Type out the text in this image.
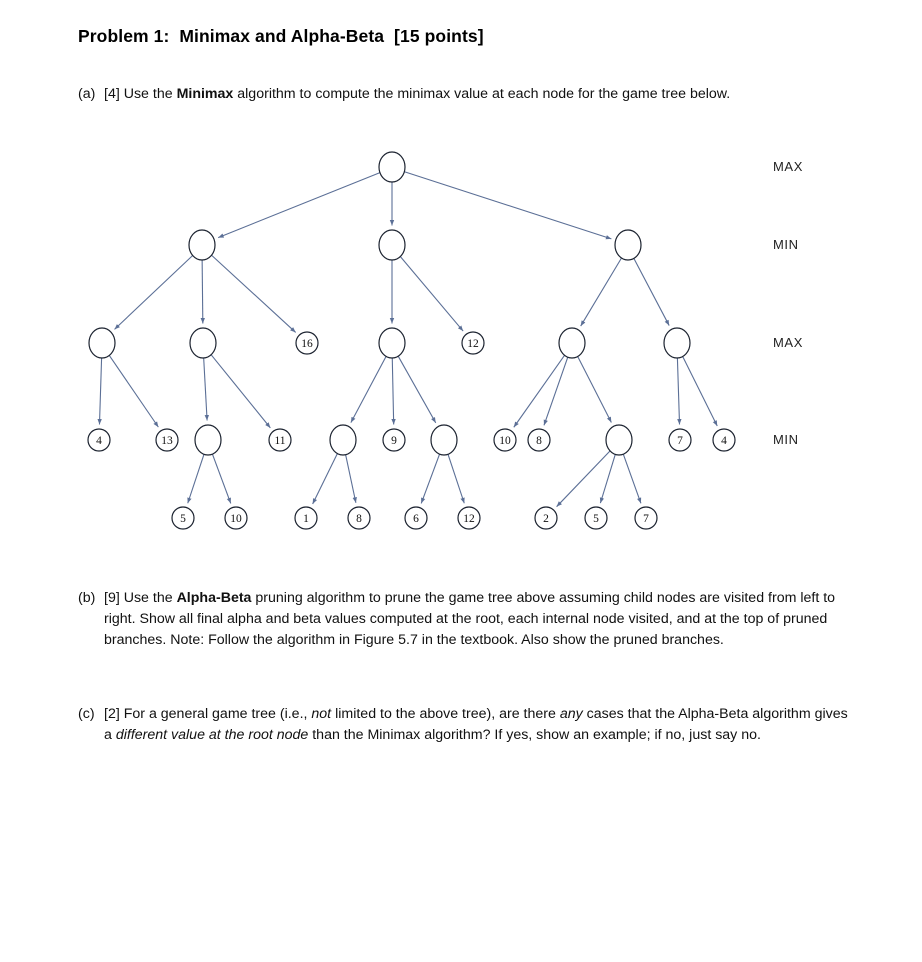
Problem 1:  Minimax and Alpha-Beta  [15 points]
(a) [4] Use the Minimax algorithm to compute the minimax value at each node for the game tree below.
16	12
4	13	11	9	10 8	7	4
5	10	1	8	6	12	2	5	7
MAX
MIN
MAX
MIN
(b) [9] Use the Alpha-Beta pruning algorithm to prune the game tree above assuming child nodes are visited from left to right. Show all final alpha and beta values computed at the root, each internal node visited, and at the top of pruned branches. Note: Follow the algorithm in Figure 5.7 in the textbook. Also show the pruned branches.
(c) [2] For a general game tree (i.e., not limited to the above tree), are there any cases that the Alpha-Beta algorithm gives a different value at the root node than the Minimax algorithm? If yes, show an example; if no, just say no.
